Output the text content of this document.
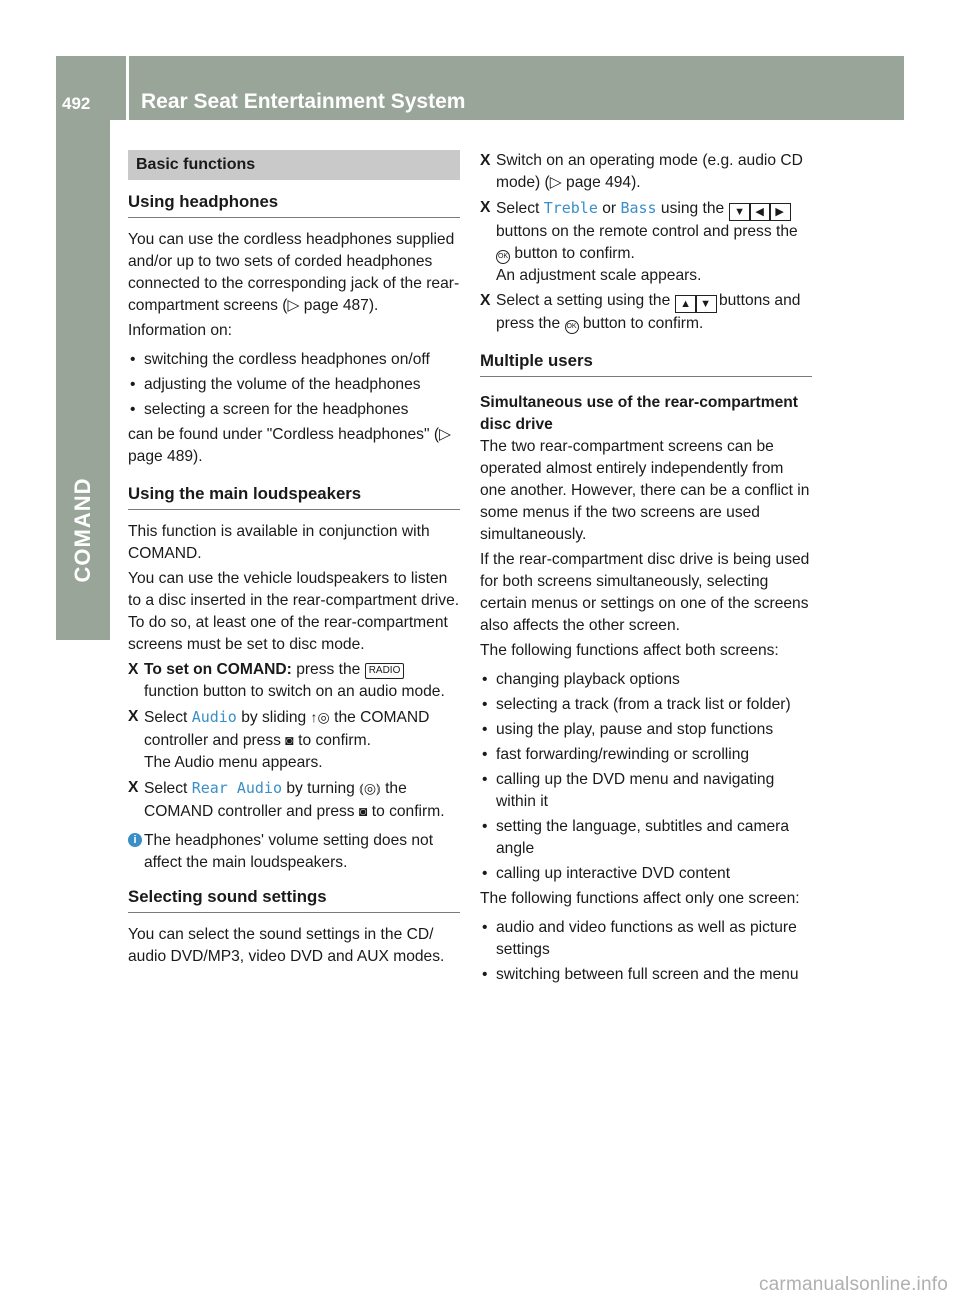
492 Rear Seat Entertainment System
COMAND
Basic functions
Using headphones

You can use the cordless headphones supplied and/or up to two sets of corded headphones connected to the corresponding jack of the rear-compartment screens (▷ page 487).

Information on:

• switching the cordless headphones on/off
• adjusting the volume of the headphones
• selecting a screen for the headphones

can be found under "Cordless headphones" (▷ page 489).

Using the main loudspeakers

This function is available in conjunction with COMAND.

You can use the vehicle loudspeakers to listen to a disc inserted in the rear-compartment drive. To do so, at least one of the rear-compartment screens must be set to disc mode.

X To set on COMAND: press the RADIO function button to switch on an audio mode.
X Select Audio by sliding ↑◎ the COMAND controller and press ◙ to confirm.
The Audio menu appears.
X Select Rear Audio by turning ⦅◎⦆ the COMAND controller and press ◙ to confirm.
i The headphones' volume setting does not affect the main loudspeakers.
Selecting sound settings

You can select the sound settings in the CD/ audio DVD/MP3, video DVD and AUX modes.

X Switch on an operating mode (e.g. audio CD mode) (▷ page 494).
X Select Treble or Bass using the ▼ ◀ ▶ buttons on the remote control and press the OK button to confirm.
An adjustment scale appears.
X Select a setting using the ▲ ▼ buttons and press the OK button to confirm.
Multiple users
Simultaneous use of the rear-compartment disc drive

The two rear-compartment screens can be operated almost entirely independently from one another. However, there can be a conflict in some menus if the two screens are used simultaneously.

If the rear-compartment disc drive is being used for both screens simultaneously, selecting certain menus or settings on one of the screens also affects the other screen.

The following functions affect both screens:

• changing playback options
• selecting a track (from a track list or folder)
• using the play, pause and stop functions
• fast forwarding/rewinding or scrolling
• calling up the DVD menu and navigating within it
• setting the language, subtitles and camera angle
• calling up interactive DVD content

The following functions affect only one screen:

• audio and video functions as well as picture settings
• switching between full screen and the menu
carmanualsonline.info
